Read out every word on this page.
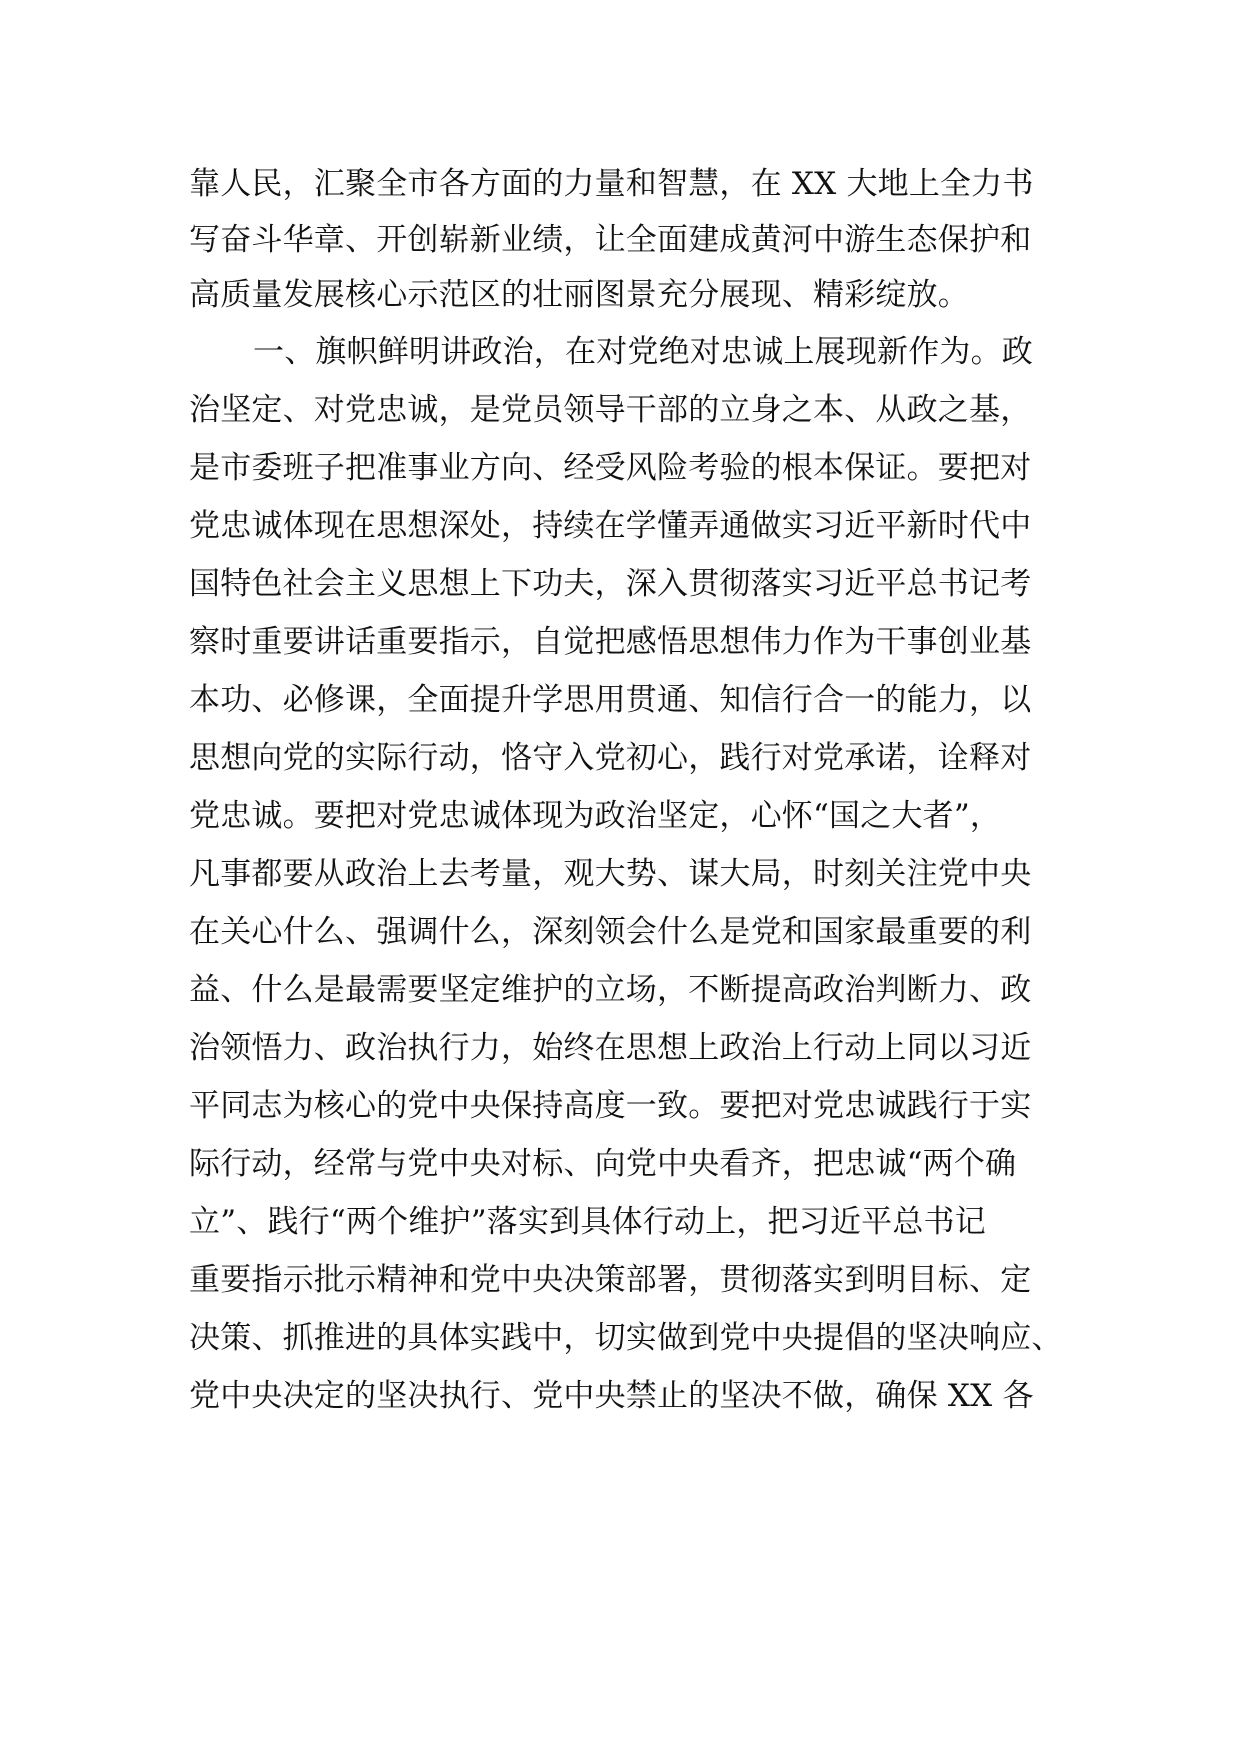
靠人民，汇聚全市各方面的力量和智慧，在 XX 大地上全力书
写奋斗华章、开创崭新业绩，让全面建成黄河中游生态保护和
高质量发展核心示范区的壮丽图景充分展现、精彩绽放。
一、旗帜鲜明讲政治，在对党绝对忠诚上展现新作为。政
治坚定、对党忠诚，是党员领导干部的立身之本、从政之基，
是市委班子把准事业方向、经受风险考验的根本保证。要把对
党忠诚体现在思想深处，持续在学懂弄通做实习近平新时代中
国特色社会主义思想上下功夫，深入贯彻落实习近平总书记考
察时重要讲话重要指示，自觉把感悟思想伟力作为干事创业基
本功、必修课，全面提升学思用贯通、知信行合一的能力，以
思想向党的实际行动，恪守入党初心，践行对党承诺，诠释对
党忠诚。要把对党忠诚体现为政治坚定，心怀“国之大者”，
凡事都要从政治上去考量，观大势、谋大局，时刻关注党中央
在关心什么、强调什么，深刻领会什么是党和国家最重要的利
益、什么是最需要坚定维护的立场，不断提高政治判断力、政
治领悟力、政治执行力，始终在思想上政治上行动上同以习近
平同志为核心的党中央保持高度一致。要把对党忠诚践行于实
际行动，经常与党中央对标、向党中央看齐，把忠诚“两个确
立”、践行“两个维护”落实到具体行动上，把习近平总书记
重要指示批示精神和党中央决策部署，贯彻落实到明目标、定
决策、抓推进的具体实践中，切实做到党中央提倡的坚决响应、
党中央决定的坚决执行、党中央禁止的坚决不做，确保 XX 各
